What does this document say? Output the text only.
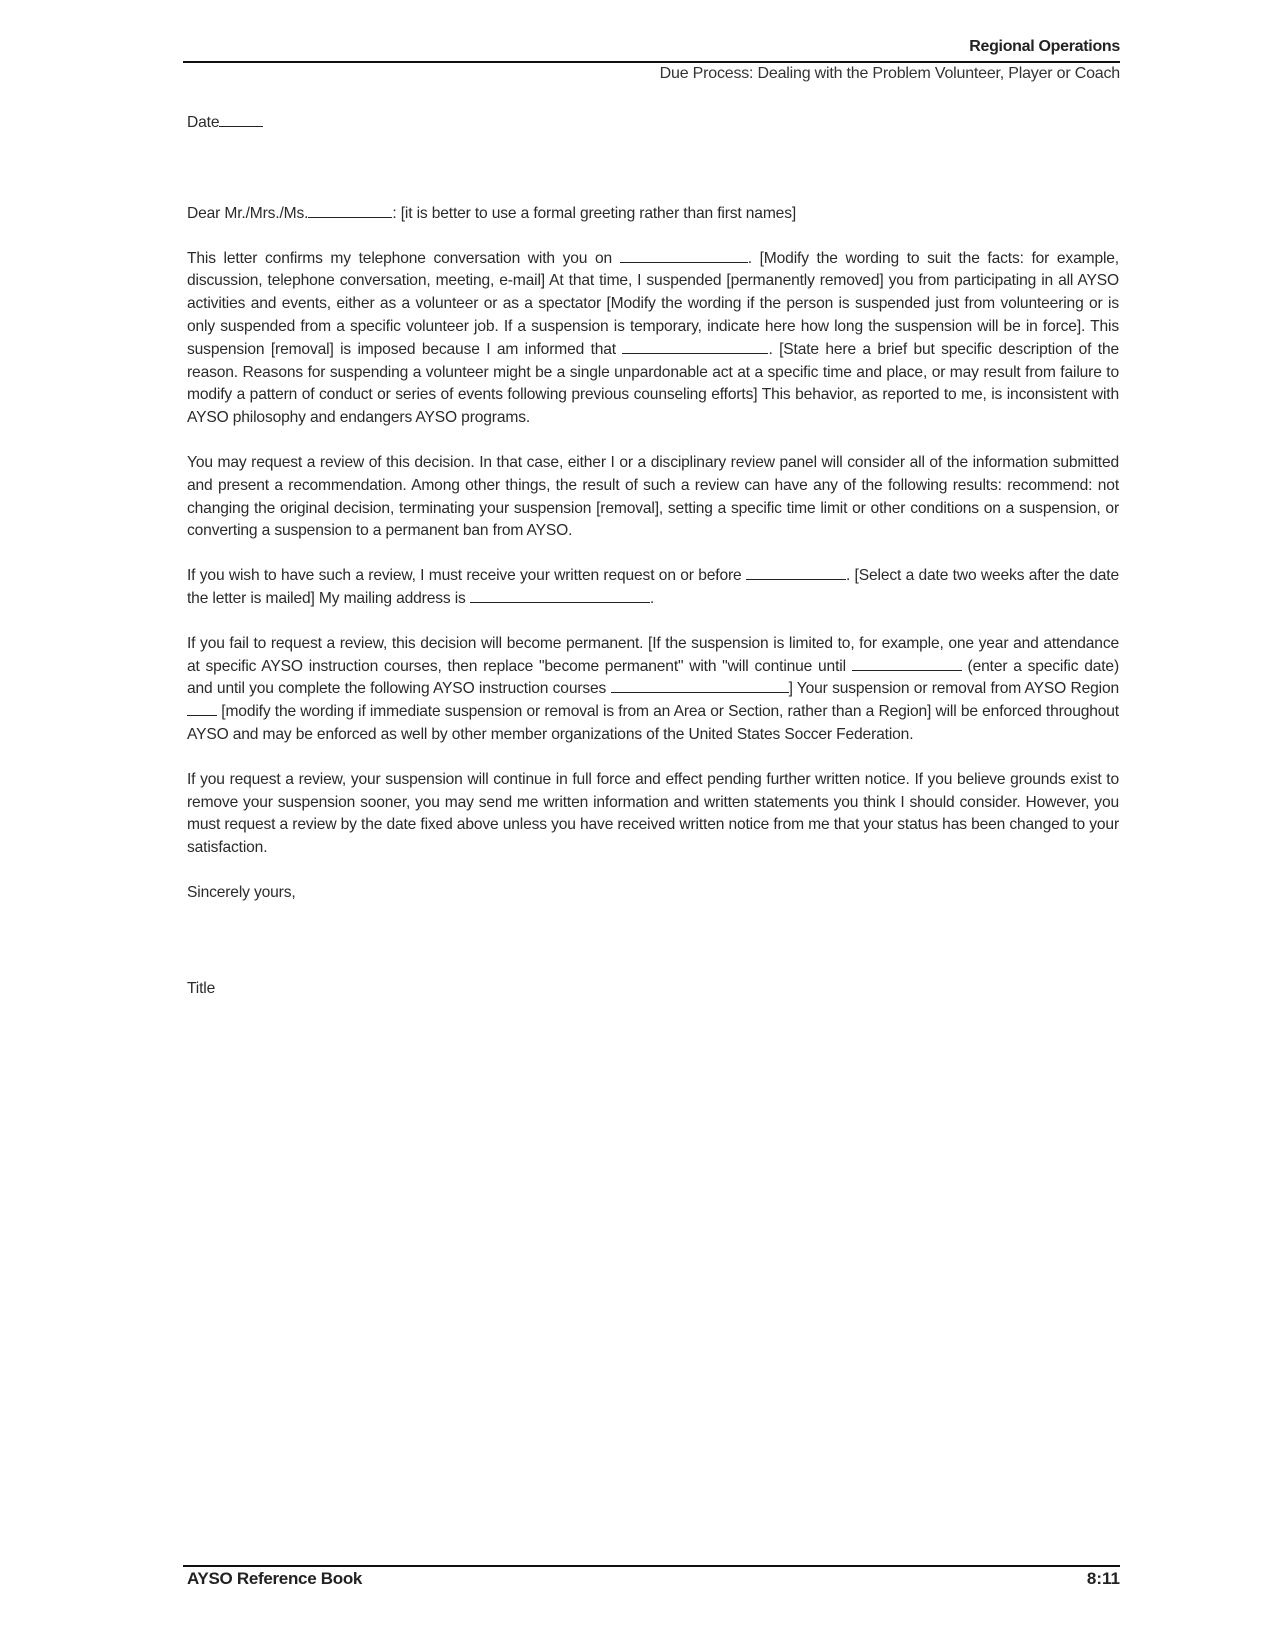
Regional Operations
Due Process: Dealing with the Problem Volunteer, Player or Coach

Date

Dear Mr./Mrs./Ms.	: [it is better to use a formal greeting rather than first names]

This letter confirms my telephone conversation with you on	. [Modify the wording to suit the facts: for example, discussion, telephone conversation, meeting, e-mail] At that time, I suspended [permanently removed] you from participating in all AYSO activities and events, either as a volunteer or as a spectator [Modify the wording if the person is suspended just from volunteering or is only suspended from a specific volunteer job. If a suspension is temporary, indicate here how long the suspension will be in force]. This suspension [removal] is imposed because I am informed that	. [State here a brief but specific description of the reason. Reasons for suspending a volunteer might be a single unpardonable act at a specific time and place, or may result from failure to modify a pattern of conduct or series of events following previous counseling efforts] This behavior, as reported to me, is inconsistent with AYSO philosophy and endangers AYSO programs.

You may request a review of this decision. In that case, either I or a disciplinary review panel will consider all of the information submitted and present a recommendation. Among other things, the result of such a review can have any of the following results: recommend: not changing the original decision, terminating your suspension [removal], setting a specific time limit or other conditions on a suspension, or converting a suspension to a permanent ban from AYSO.

If you wish to have such a review, I must receive your written request on or before	. [Select a date two weeks after the date the letter is mailed] My mailing address is	.

If you fail to request a review, this decision will become permanent. [If the suspension is limited to, for example, one year and attendance at specific AYSO instruction courses, then replace "become permanent" with "will continue until	(enter a specific date) and until you complete the following AYSO instruction courses	] Your suspension or removal from AYSO Region  [modify the wording if immediate suspension or removal is from an Area or Section, rather than a Region] will be enforced throughout AYSO and may be enforced as well by other member organizations of the United States Soccer Federation.

If you request a review, your suspension will continue in full force and effect pending further written notice. If you believe grounds exist to remove your suspension sooner, you may send me written information and written statements you think I should consider. However, you must request a review by the date fixed above unless you have received written notice from me that your status has been changed to your satisfaction.

Sincerely yours,

Title

AYSO Reference Book	8:11
